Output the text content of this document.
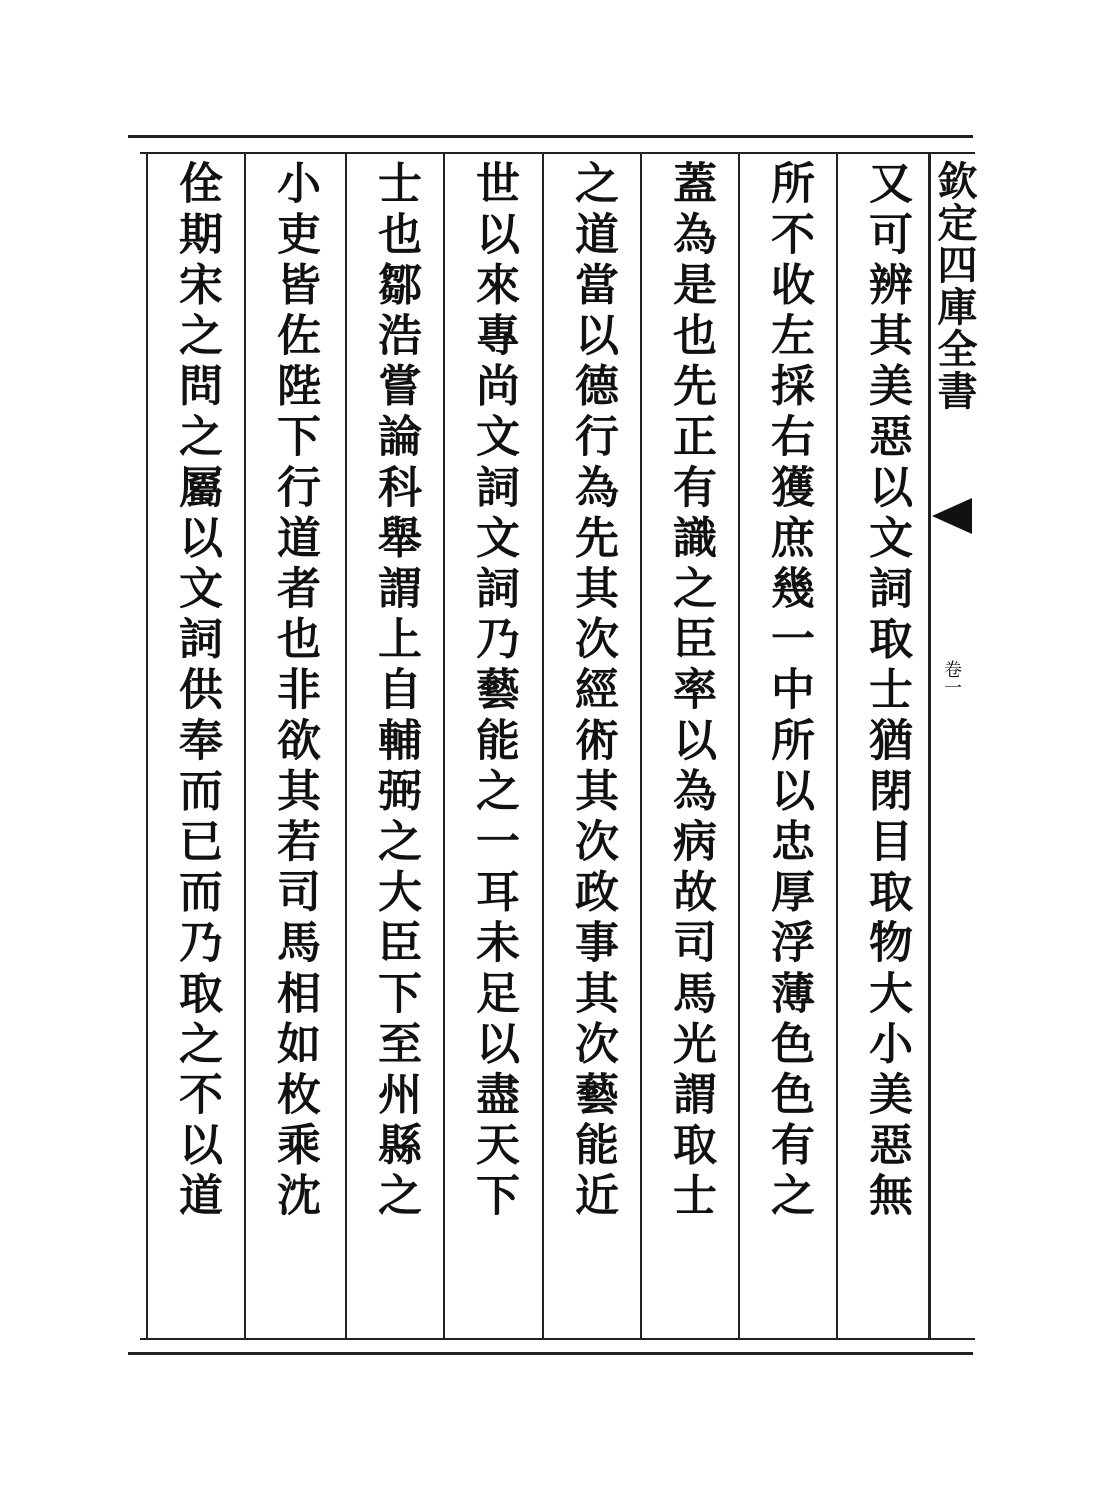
欽定四庫全書
卷一
又可辨其美惡以文詞取士猶閉目取物大小美惡無
所不收左採右獲庶幾一中所以忠厚浮薄色色有之
蓋為是也先正有識之臣率以為病故司馬光謂取士
之道當以德行為先其次經術其次政事其次藝能近
世以來專尚文詞文詞乃藝能之一耳未足以盡天下
士也鄒浩嘗論科舉謂上自輔弼之大臣下至州縣之
小吏皆佐陛下行道者也非欲其若司馬相如枚乘沈
佺期宋之問之屬以文詞供奉而已而乃取之不以道
